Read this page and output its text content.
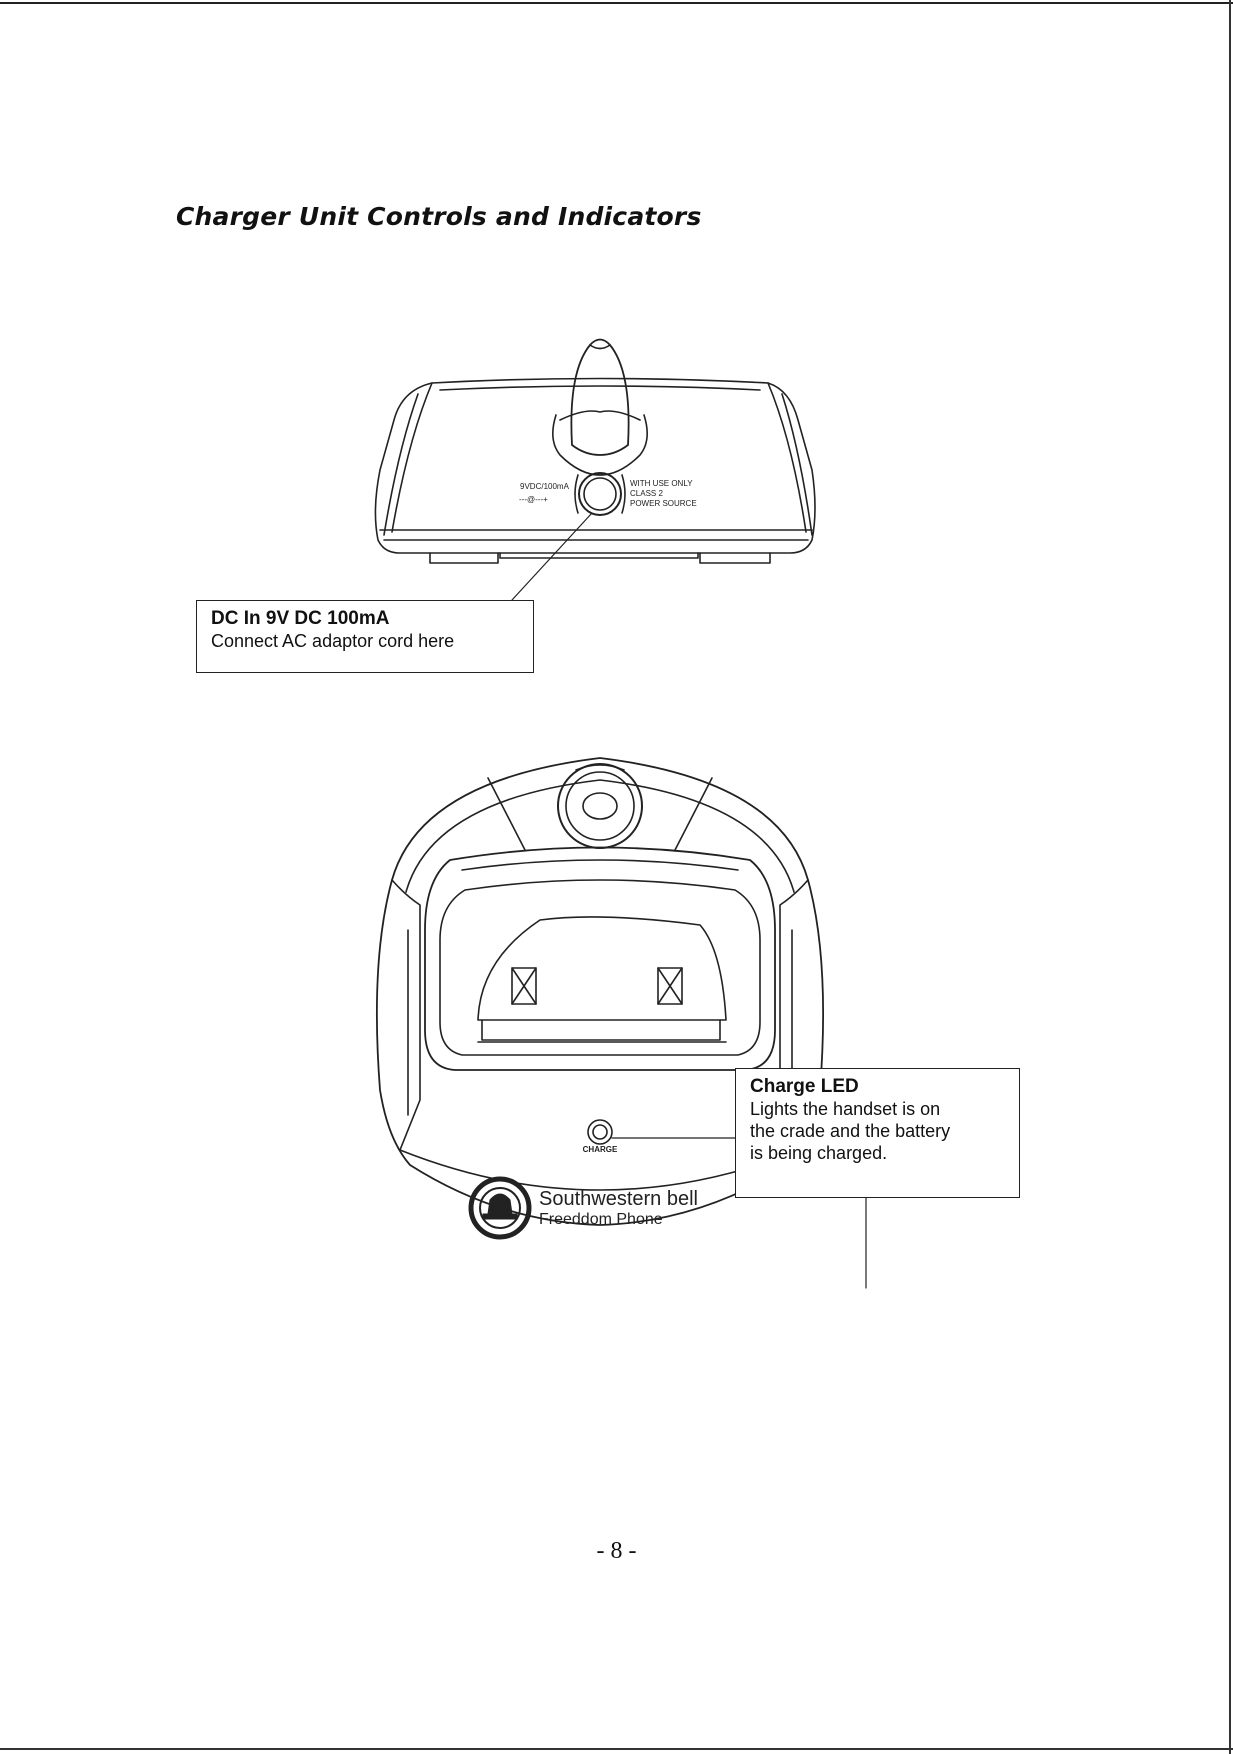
Charger Unit Controls and Indicators
9VDC/100mA
---@---+
WITH USE ONLY
CLASS 2
POWER SOURCE
CHARGE
Southwestern bell
Freeddom Phone
DC In 9V DC 100mA
Connect AC adaptor cord here
Charge LED
Lights the handset is on
the crade and the battery
is being charged.
- 8 -
